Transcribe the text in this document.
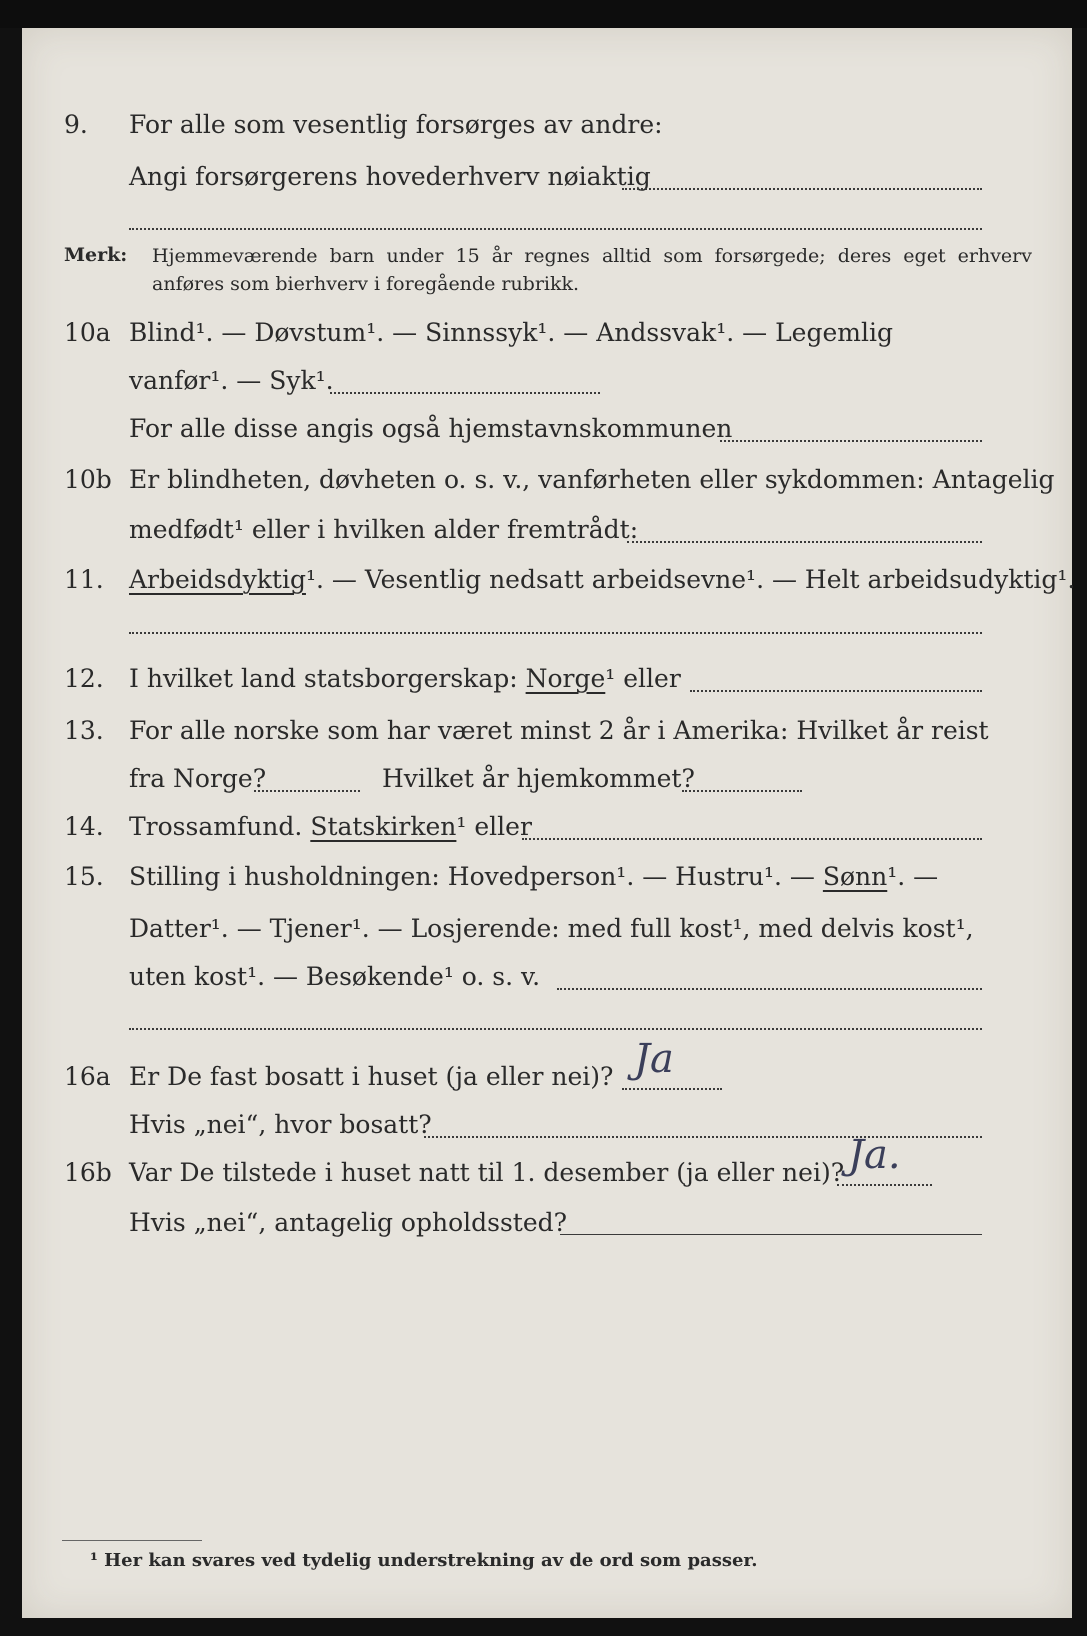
9. For alle som vesentlig forsørges av andre:
Angi forsørgerens hovederhverv nøiaktig
Merk: Hjemmeværende barn under 15 år regnes alltid som forsørgede; deres eget erhverv anføres som bierhverv i foregående rubrikk.
10a Blind¹. — Døvstum¹. — Sinnssyk¹. — Andssvak¹. — Legemlig
vanfør¹. — Syk¹.
For alle disse angis også hjemstavnskommunen
10b Er blindheten, døvheten o. s. v., vanførheten eller sykdommen: Antagelig
medfødt¹ eller i hvilken alder fremtrådt:
11. Arbeidsdyktig¹. — Vesentlig nedsatt arbeidsevne¹. — Helt arbeidsudyktig¹.
12. I hvilket land statsborgerskap: Norge¹ eller
13. For alle norske som har været minst 2 år i Amerika: Hvilket år reist
fra Norge?	Hvilket år hjemkommet?
14. Trossamfund. Statskirken¹ eller
15. Stilling i husholdningen: Hovedperson¹. — Hustru¹. — Sønn¹. —
Datter¹. — Tjener¹. — Losjerende: med full kost¹, med delvis kost¹,
uten kost¹. — Besøkende¹ o. s. v.
16a Er De fast bosatt i huset (ja eller nei)? Ja
Hvis „nei“, hvor bosatt?
16b Var De tilstede i huset natt til 1. desember (ja eller nei)? Ja.
Hvis „nei“, antagelig opholdssted?
¹ Her kan svares ved tydelig understrekning av de ord som passer.
